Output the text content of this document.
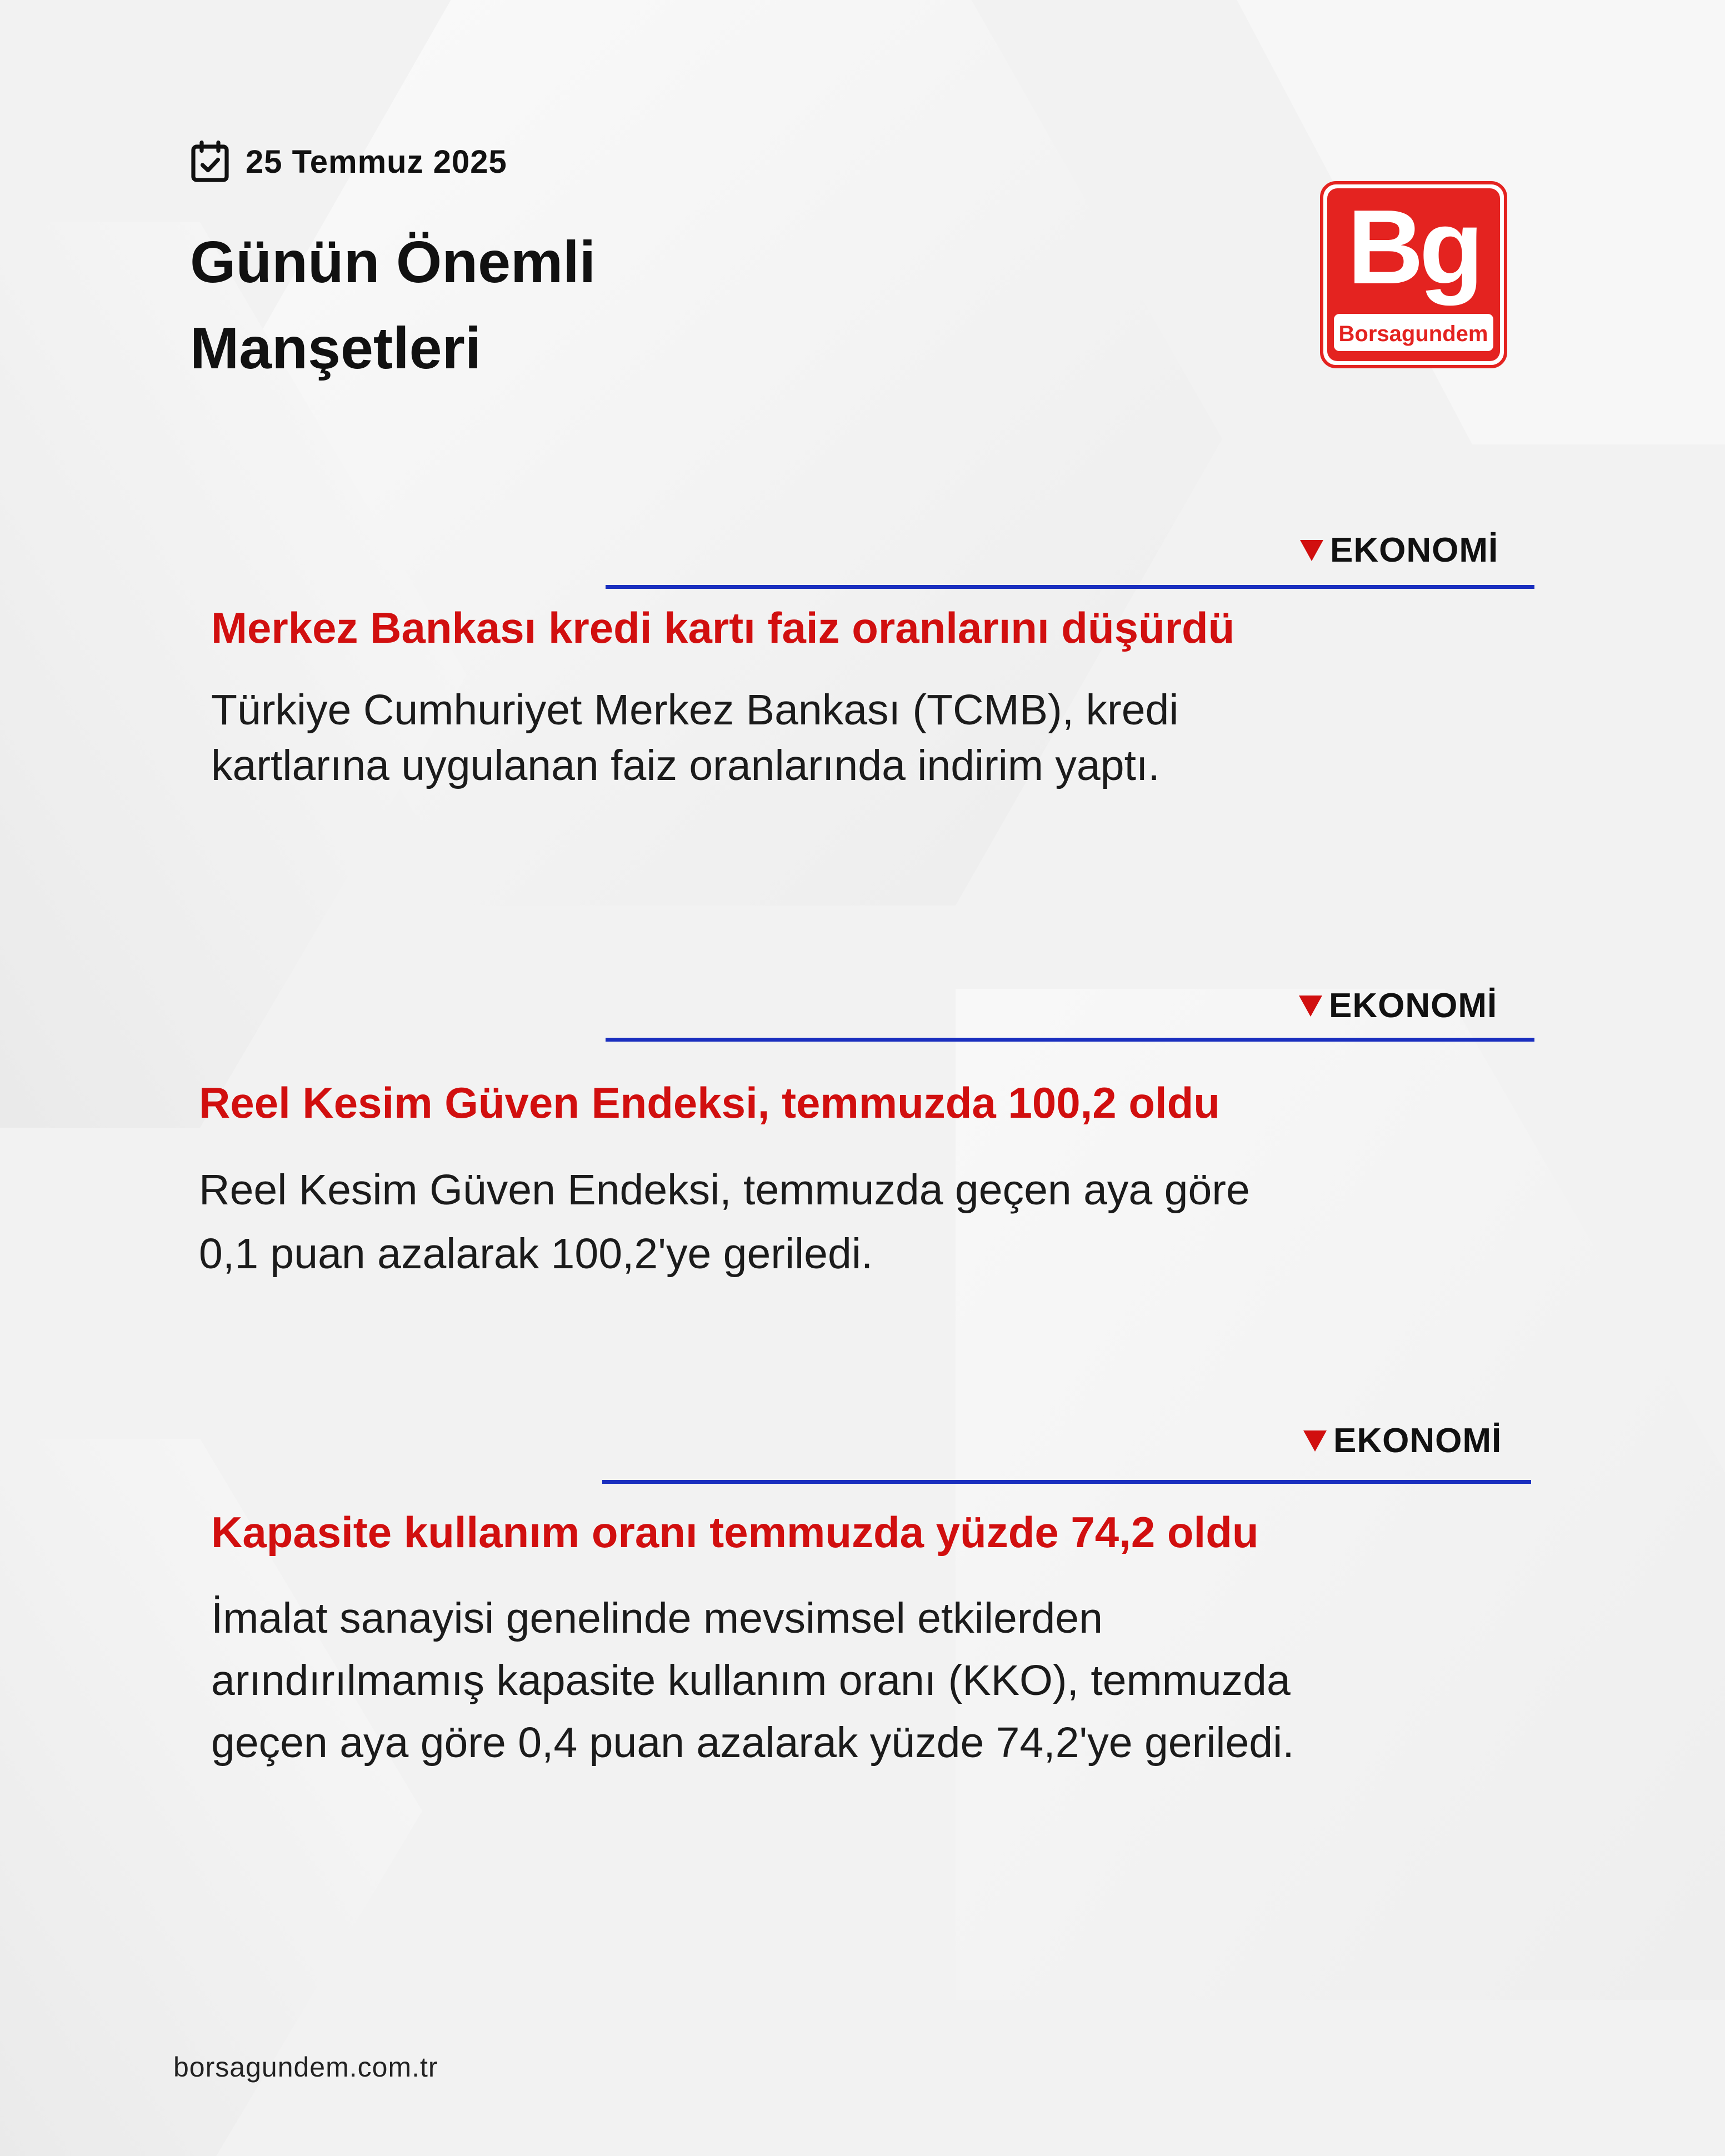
25 Temmuz 2025
Günün Önemli
Manşetleri
Bg
Borsagundem
EKONOMİ
Merkez Bankası kredi kartı faiz oranlarını düşürdü
Türkiye Cumhuriyet Merkez Bankası (TCMB), kredi
kartlarına uygulanan faiz oranlarında indirim yaptı.
EKONOMİ
Reel Kesim Güven Endeksi, temmuzda 100,2 oldu
Reel Kesim Güven Endeksi, temmuzda geçen aya göre
0,1 puan azalarak 100,2'ye geriledi.
EKONOMİ
Kapasite kullanım oranı temmuzda yüzde 74,2 oldu
İmalat sanayisi genelinde mevsimsel etkilerden
arındırılmamış kapasite kullanım oranı (KKO), temmuzda
geçen aya göre 0,4 puan azalarak yüzde 74,2'ye geriledi.
borsagundem.com.tr
